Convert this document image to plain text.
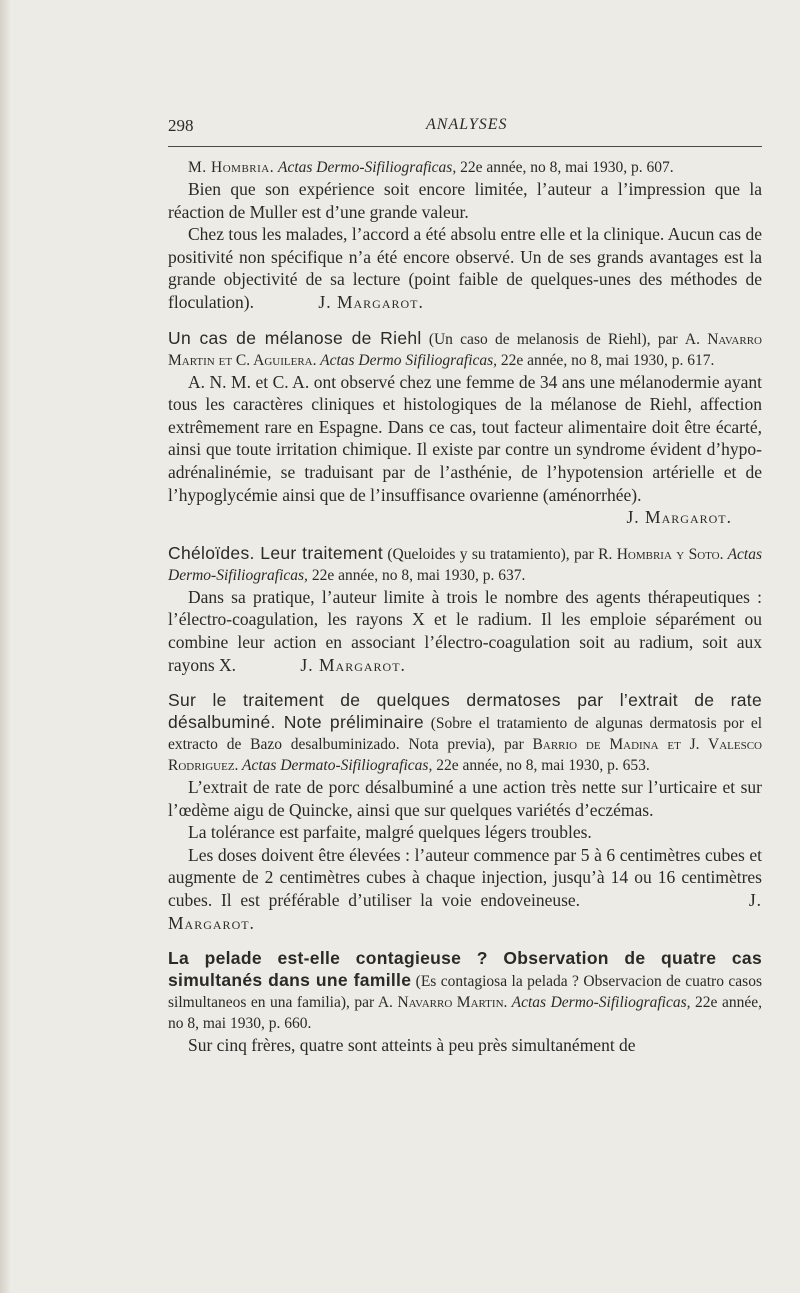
298	ANALYSES

M. Hombria. Actas Dermo-Sifiliograficas, 22e année, no 8, mai 1930, p. 607.

Bien que son expérience soit encore limitée, l’auteur a l’impression que la réaction de Muller est d’une grande valeur.

Chez tous les malades, l’accord a été absolu entre elle et la clinique. Aucun cas de positivité non spécifique n’a été encore observé. Un de ses grands avantages est la grande objectivité de sa lecture (point faible de quelques-unes des méthodes de floculation).	J. Margarot.

Un cas de mélanose de Riehl (Un caso de melanosis de Riehl), par A. Navarro Martin et C. Aguilera. Actas Dermo Sifiliograficas, 22e année, no 8, mai 1930, p. 617.

A. N. M. et C. A. ont observé chez une femme de 34 ans une mélanodermie ayant tous les caractères cliniques et histologiques de la mélanose de Riehl, affection extrêmement rare en Espagne. Dans ce cas, tout facteur alimentaire doit être écarté, ainsi que toute irritation chimique. Il existe par contre un syndrome évident d’hypo-adrénalinémie, se traduisant par de l’asthénie, de l’hypotension artérielle et de l’hypoglycémie ainsi que de l’insuffisance ovarienne (aménorrhée).

J. Margarot.

Chéloïdes. Leur traitement (Queloides y su tratamiento), par R. Hombria y Soto. Actas Dermo-Sifiliograficas, 22e année, no 8, mai 1930, p. 637.

Dans sa pratique, l’auteur limite à trois le nombre des agents thérapeutiques : l’électro-coagulation, les rayons X et le radium. Il les emploie séparément ou combine leur action en associant l’électro-coagulation soit au radium, soit aux rayons X.	J. Margarot.

Sur le traitement de quelques dermatoses par l’extrait de rate désalbuminé. Note préliminaire (Sobre el tratamiento de algunas dermatosis por el extracto de Bazo desalbuminizado. Nota previa), par Barrio de Madina et J. Valesco Rodriguez. Actas Dermato-Sifiliograficas, 22e année, no 8, mai 1930, p. 653.

L’extrait de rate de porc désalbuminé a une action très nette sur l’urticaire et sur l’œdème aigu de Quincke, ainsi que sur quelques variétés d’eczémas.

La tolérance est parfaite, malgré quelques légers troubles.

Les doses doivent être élevées : l’auteur commence par 5 à 6 centimètres cubes et augmente de 2 centimètres cubes à chaque injection, jusqu’à 14 ou 16 centimètres cubes. Il est préférable d’utiliser la voie endoveineuse.	J. Margarot.

La pelade est-elle contagieuse ? Observation de quatre cas simultanés dans une famille (Es contagiosa la pelada ? Observacion de cuatro casos silmultaneos en una familia), par A. Navarro Martin. Actas Dermo-Sifiliograficas, 22e année, no 8, mai 1930, p. 660.

Sur cinq frères, quatre sont atteints à peu près simultanément de
